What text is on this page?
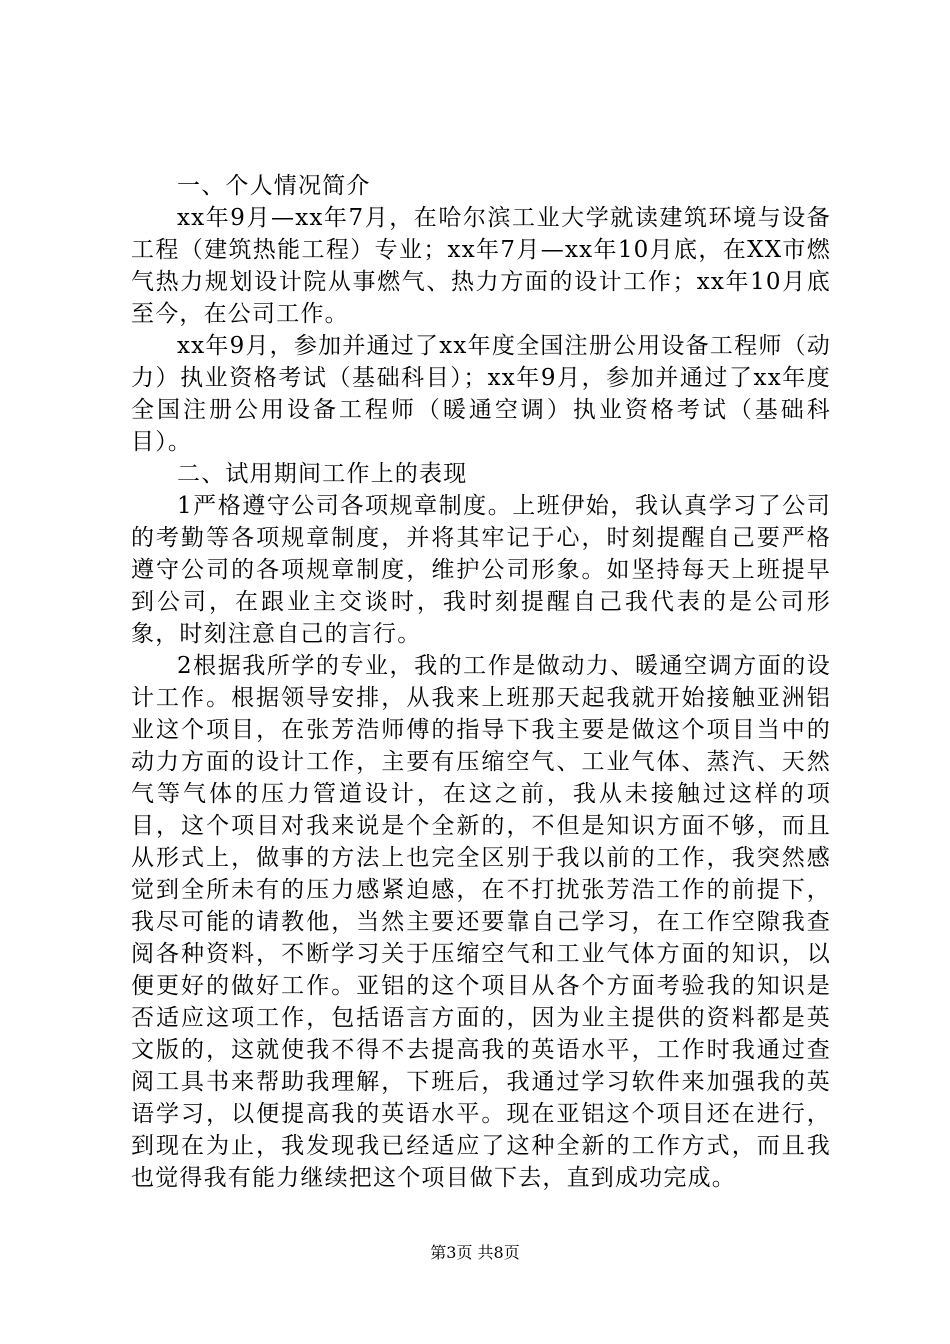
一、个人情况简介

xx年9月—xx年7月，在哈尔滨工业大学就读建筑环境与设备工程（建筑热能工程）专业；xx年7月—xx年10月底，在XX市燃气热力规划设计院从事燃气、热力方面的设计工作；xx年10月底至今，在公司工作。

xx年9月，参加并通过了xx年度全国注册公用设备工程师（动力）执业资格考试（基础科目）；xx年9月，参加并通过了xx年度全国注册公用设备工程师（暖通空调）执业资格考试（基础科目）。

二、试用期间工作上的表现

1严格遵守公司各项规章制度。上班伊始，我认真学习了公司的考勤等各项规章制度，并将其牢记于心，时刻提醒自己要严格遵守公司的各项规章制度，维护公司形象。如坚持每天上班提早到公司，在跟业主交谈时，我时刻提醒自己我代表的是公司形象，时刻注意自己的言行。

2根据我所学的专业，我的工作是做动力、暖通空调方面的设计工作。根据领导安排，从我来上班那天起我就开始接触亚洲铝业这个项目，在张芳浩师傅的指导下我主要是做这个项目当中的动力方面的设计工作，主要有压缩空气、工业气体、蒸汽、天然气等气体的压力管道设计，在这之前，我从未接触过这样的项目，这个项目对我来说是个全新的，不但是知识方面不够，而且从形式上，做事的方法上也完全区别于我以前的工作，我突然感觉到全所未有的压力感紧迫感，在不打扰张芳浩工作的前提下，我尽可能的请教他，当然主要还要靠自己学习，在工作空隙我查阅各种资料，不断学习关于压缩空气和工业气体方面的知识，以便更好的做好工作。亚铝的这个项目从各个方面考验我的知识是否适应这项工作，包括语言方面的，因为业主提供的资料都是英文版的，这就使我不得不去提高我的英语水平，工作时我通过查阅工具书来帮助我理解，下班后，我通过学习软件来加强我的英语学习，以便提高我的英语水平。现在亚铝这个项目还在进行，到现在为止，我发现我已经适应了这种全新的工作方式，而且我也觉得我有能力继续把这个项目做下去，直到成功完成。

第3页 共8页
